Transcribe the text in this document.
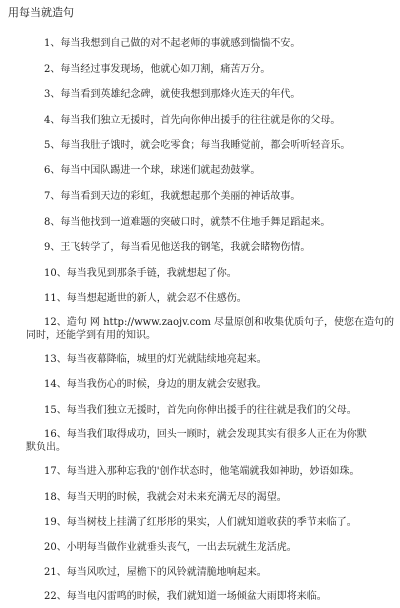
用每当就造句
1、每当我想到自己做的对不起老师的事就感到惴惴不安。
2、每当经过事发现场，他就心如刀割，痛苦万分。
3、每当看到英雄纪念碑，就使我想到那烽火连天的年代。
4、每当我们独立无援时，首先向你伸出援手的往往就是你的父母。
5、每当我肚子饿时，就会吃零食；每当我睡觉前，都会听听轻音乐。
6、每当中国队踢进一个球，球迷们就起劲鼓掌。
7、每当看到天边的彩虹，我就想起那个美丽的神话故事。
8、每当他找到一道难题的突破口时，就禁不住地手舞足蹈起来。
9、王飞转学了，每当看见他送我的钢笔，我就会睹物伤情。
10、每当我见到那条手链，我就想起了你。
11、每当想起逝世的新人，就会忍不住感伤。
12、造句 网 http://www.zaojv.com 尽量原创和收集优质句子，使您在造句的
同时，还能学到有用的知识。
13、每当夜幕降临，城里的灯光就陆续地亮起来。
14、每当我伤心的时候，身边的朋友就会安慰我。
15、每当我们独立无援时，首先向你伸出援手的往往就是我们的父母。
16、每当我们取得成功，回头一顾时，就会发现其实有很多人正在为你默
默负出。
17、每当进入那种忘我的'创作状态时，他笔端就我如神助，妙语如珠。
18、每当天明的时候，我就会对未来充满无尽的渴望。
19、每当树枝上挂满了红彤彤的果实，人们就知道收获的季节来临了。
20、小明每当做作业就垂头丧气，一出去玩就生龙活虎。
21、每当风吹过，屋檐下的风铃就清脆地响起来。
22、每当电闪雷鸣的时候，我们就知道一场倾盆大雨即将来临。
